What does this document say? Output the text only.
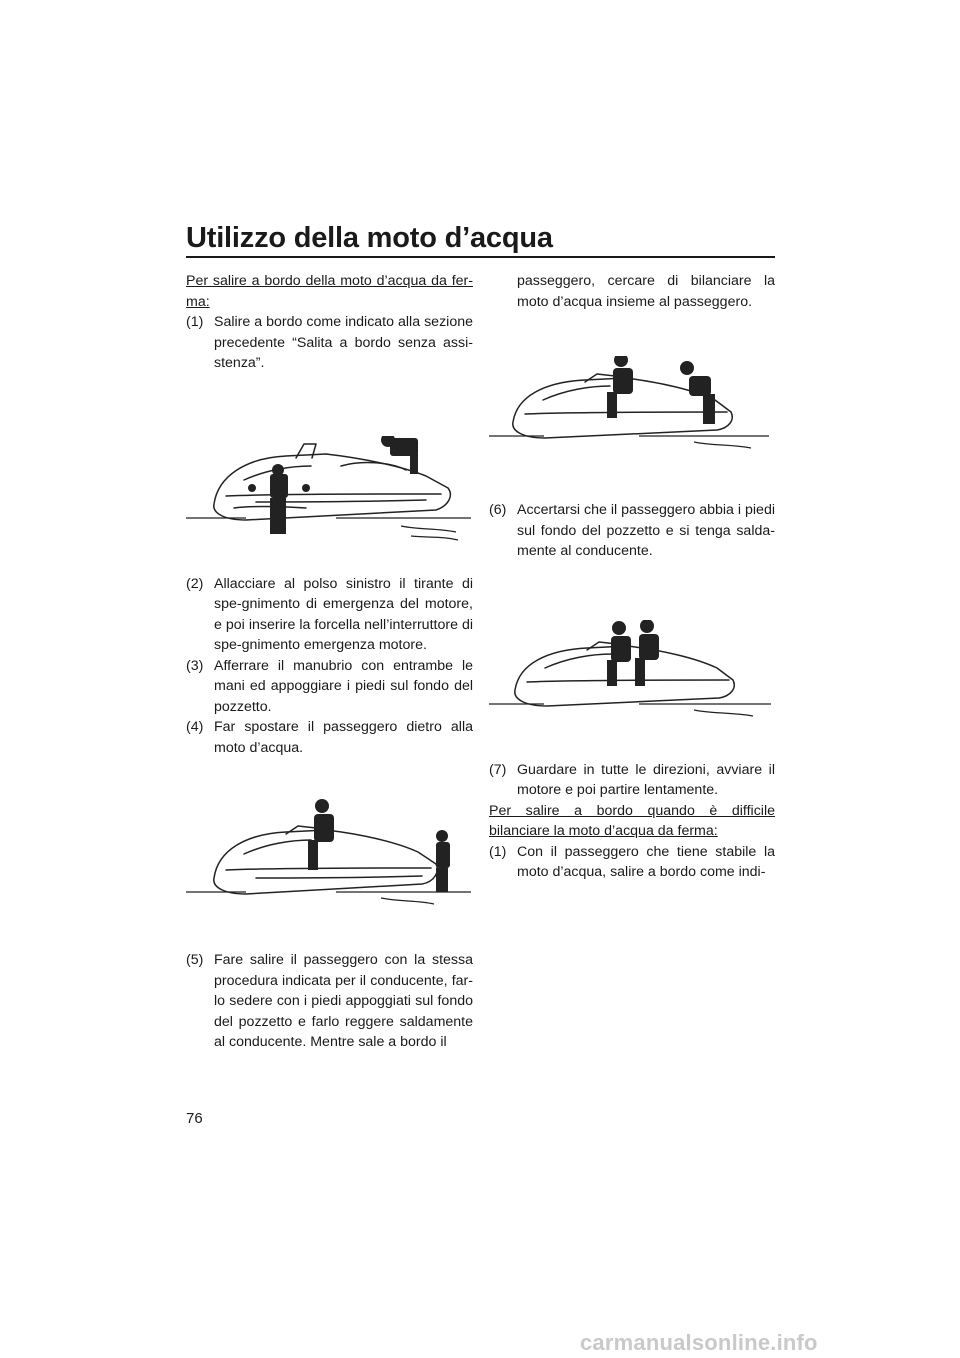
Utilizzo della moto d’acqua

Per salire a bordo della moto d’acqua da fer-ma:

(1) Salire a bordo come indicato alla sezione precedente “Salita a bordo senza assi-stenza”.
(2) Allacciare al polso sinistro il tirante di spe-gnimento di emergenza del motore, e poi inserire la forcella nell’interruttore di spe-gnimento emergenza motore.
(3) Afferrare il manubrio con entrambe le mani ed appoggiare i piedi sul fondo del pozzetto.
(4) Far spostare il passeggero dietro alla moto d’acqua.
(5) Fare salire il passeggero con la stessa procedura indicata per il conducente, far-lo sedere con i piedi appoggiati sul fondo del pozzetto e farlo reggere saldamente al conducente. Mentre sale a bordo il

passeggero, cercare di bilanciare la moto d’acqua insieme al passeggero.

(6) Accertarsi che il passeggero abbia i piedi sul fondo del pozzetto e si tenga salda-mente al conducente.
(7) Guardare in tutte le direzioni, avviare il motore e poi partire lentamente.

Per salire a bordo quando è difficile bilanciare la moto d’acqua da ferma:

(1) Con il passeggero che tiene stabile la moto d’acqua, salire a bordo come indi-
76
carmanualsonline.info
